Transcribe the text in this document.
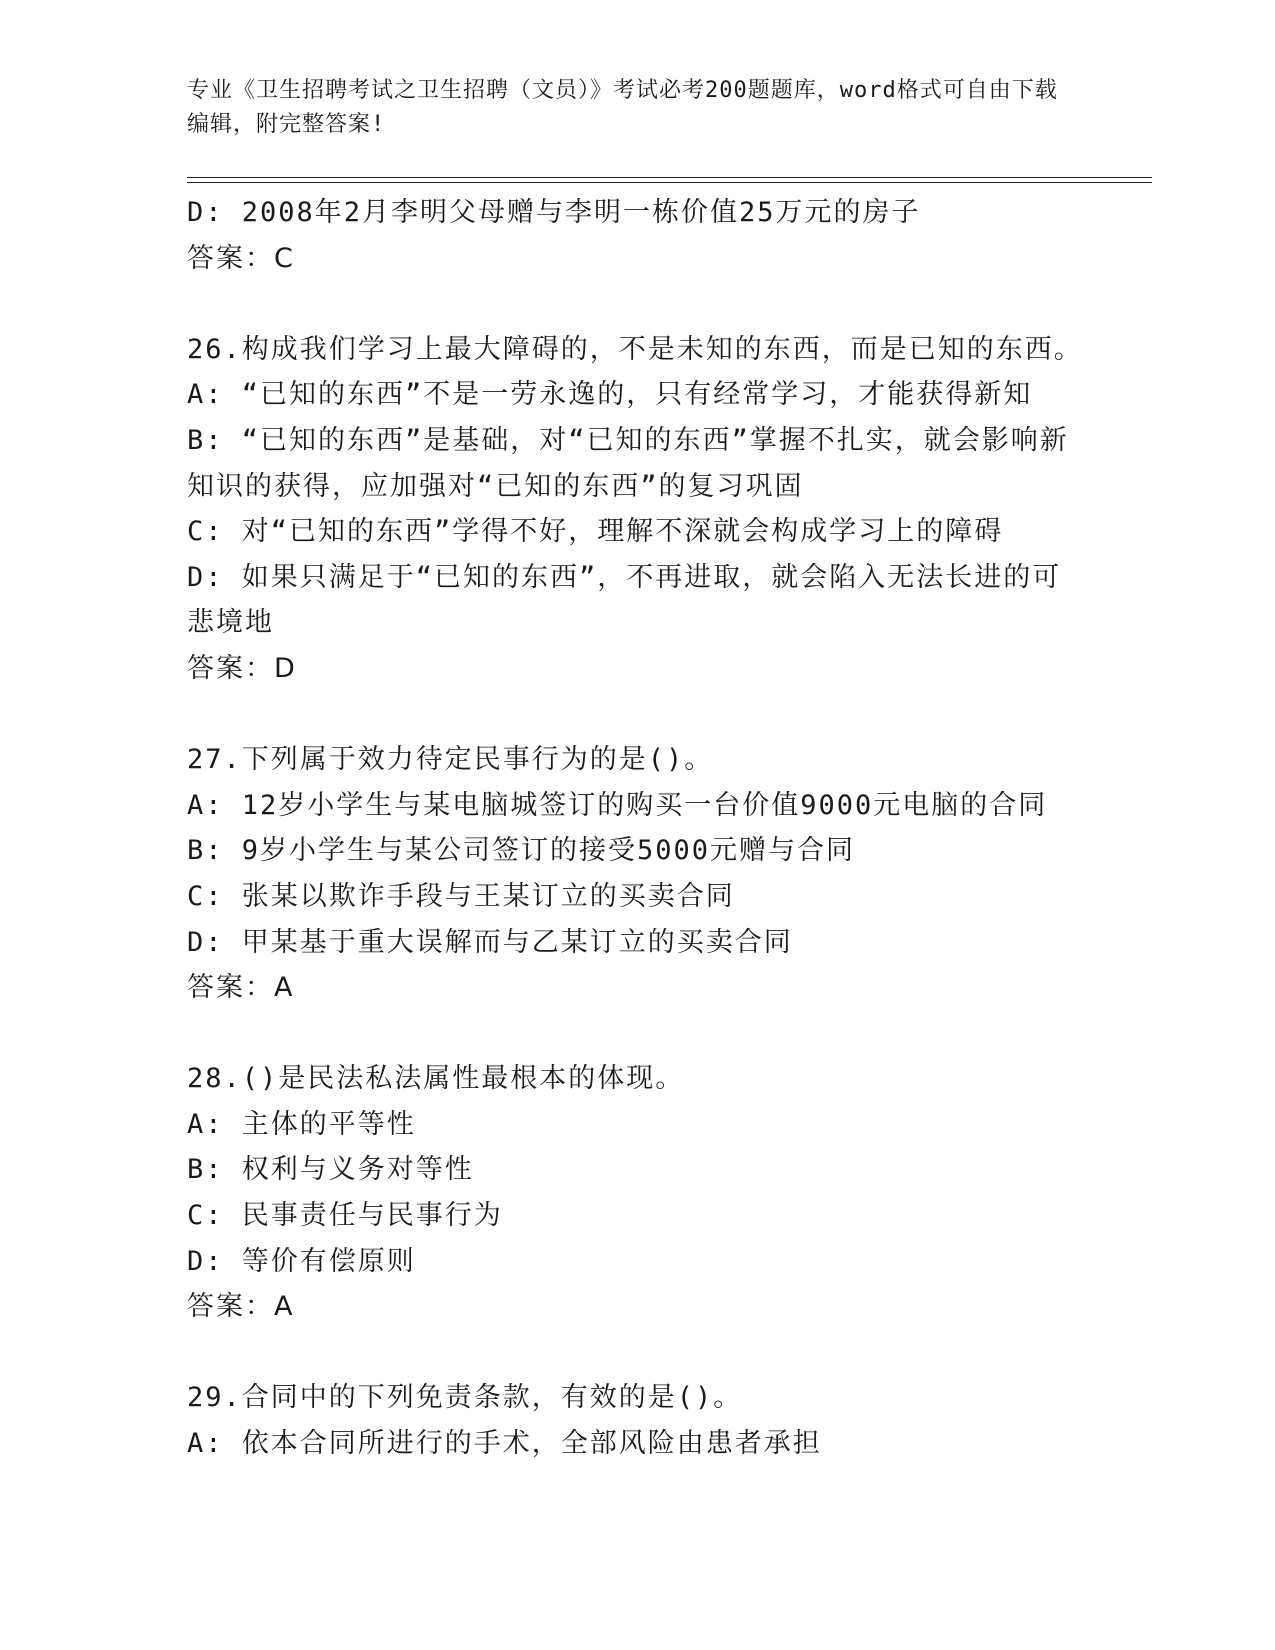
专业《卫生招聘考试之卫生招聘（文员）》考试必考200题题库，word格式可自由下载编辑，附完整答案!
D: 2008年2月李明父母赠与李明一栋价值25万元的房子
答案：C
26.构成我们学习上最大障碍的，不是未知的东西，而是已知的东西。
A: “已知的东西”不是一劳永逸的，只有经常学习，才能获得新知
B: “已知的东西”是基础，对“已知的东西”掌握不扎实，就会影响新知识的获得，应加强对“已知的东西”的复习巩固
C: 对“已知的东西”学得不好，理解不深就会构成学习上的障碍
D: 如果只满足于“已知的东西”，不再进取，就会陷入无法长进的可悲境地
答案：D
27.下列属于效力待定民事行为的是()。
A: 12岁小学生与某电脑城签订的购买一台价值9000元电脑的合同
B: 9岁小学生与某公司签订的接受5000元赠与合同
C: 张某以欺诈手段与王某订立的买卖合同
D: 甲某基于重大误解而与乙某订立的买卖合同
答案：A
28.()是民法私法属性最根本的体现。
A: 主体的平等性
B: 权利与义务对等性
C: 民事责任与民事行为
D: 等价有偿原则
答案：A
29.合同中的下列免责条款，有效的是()。
A: 依本合同所进行的手术，全部风险由患者承担
